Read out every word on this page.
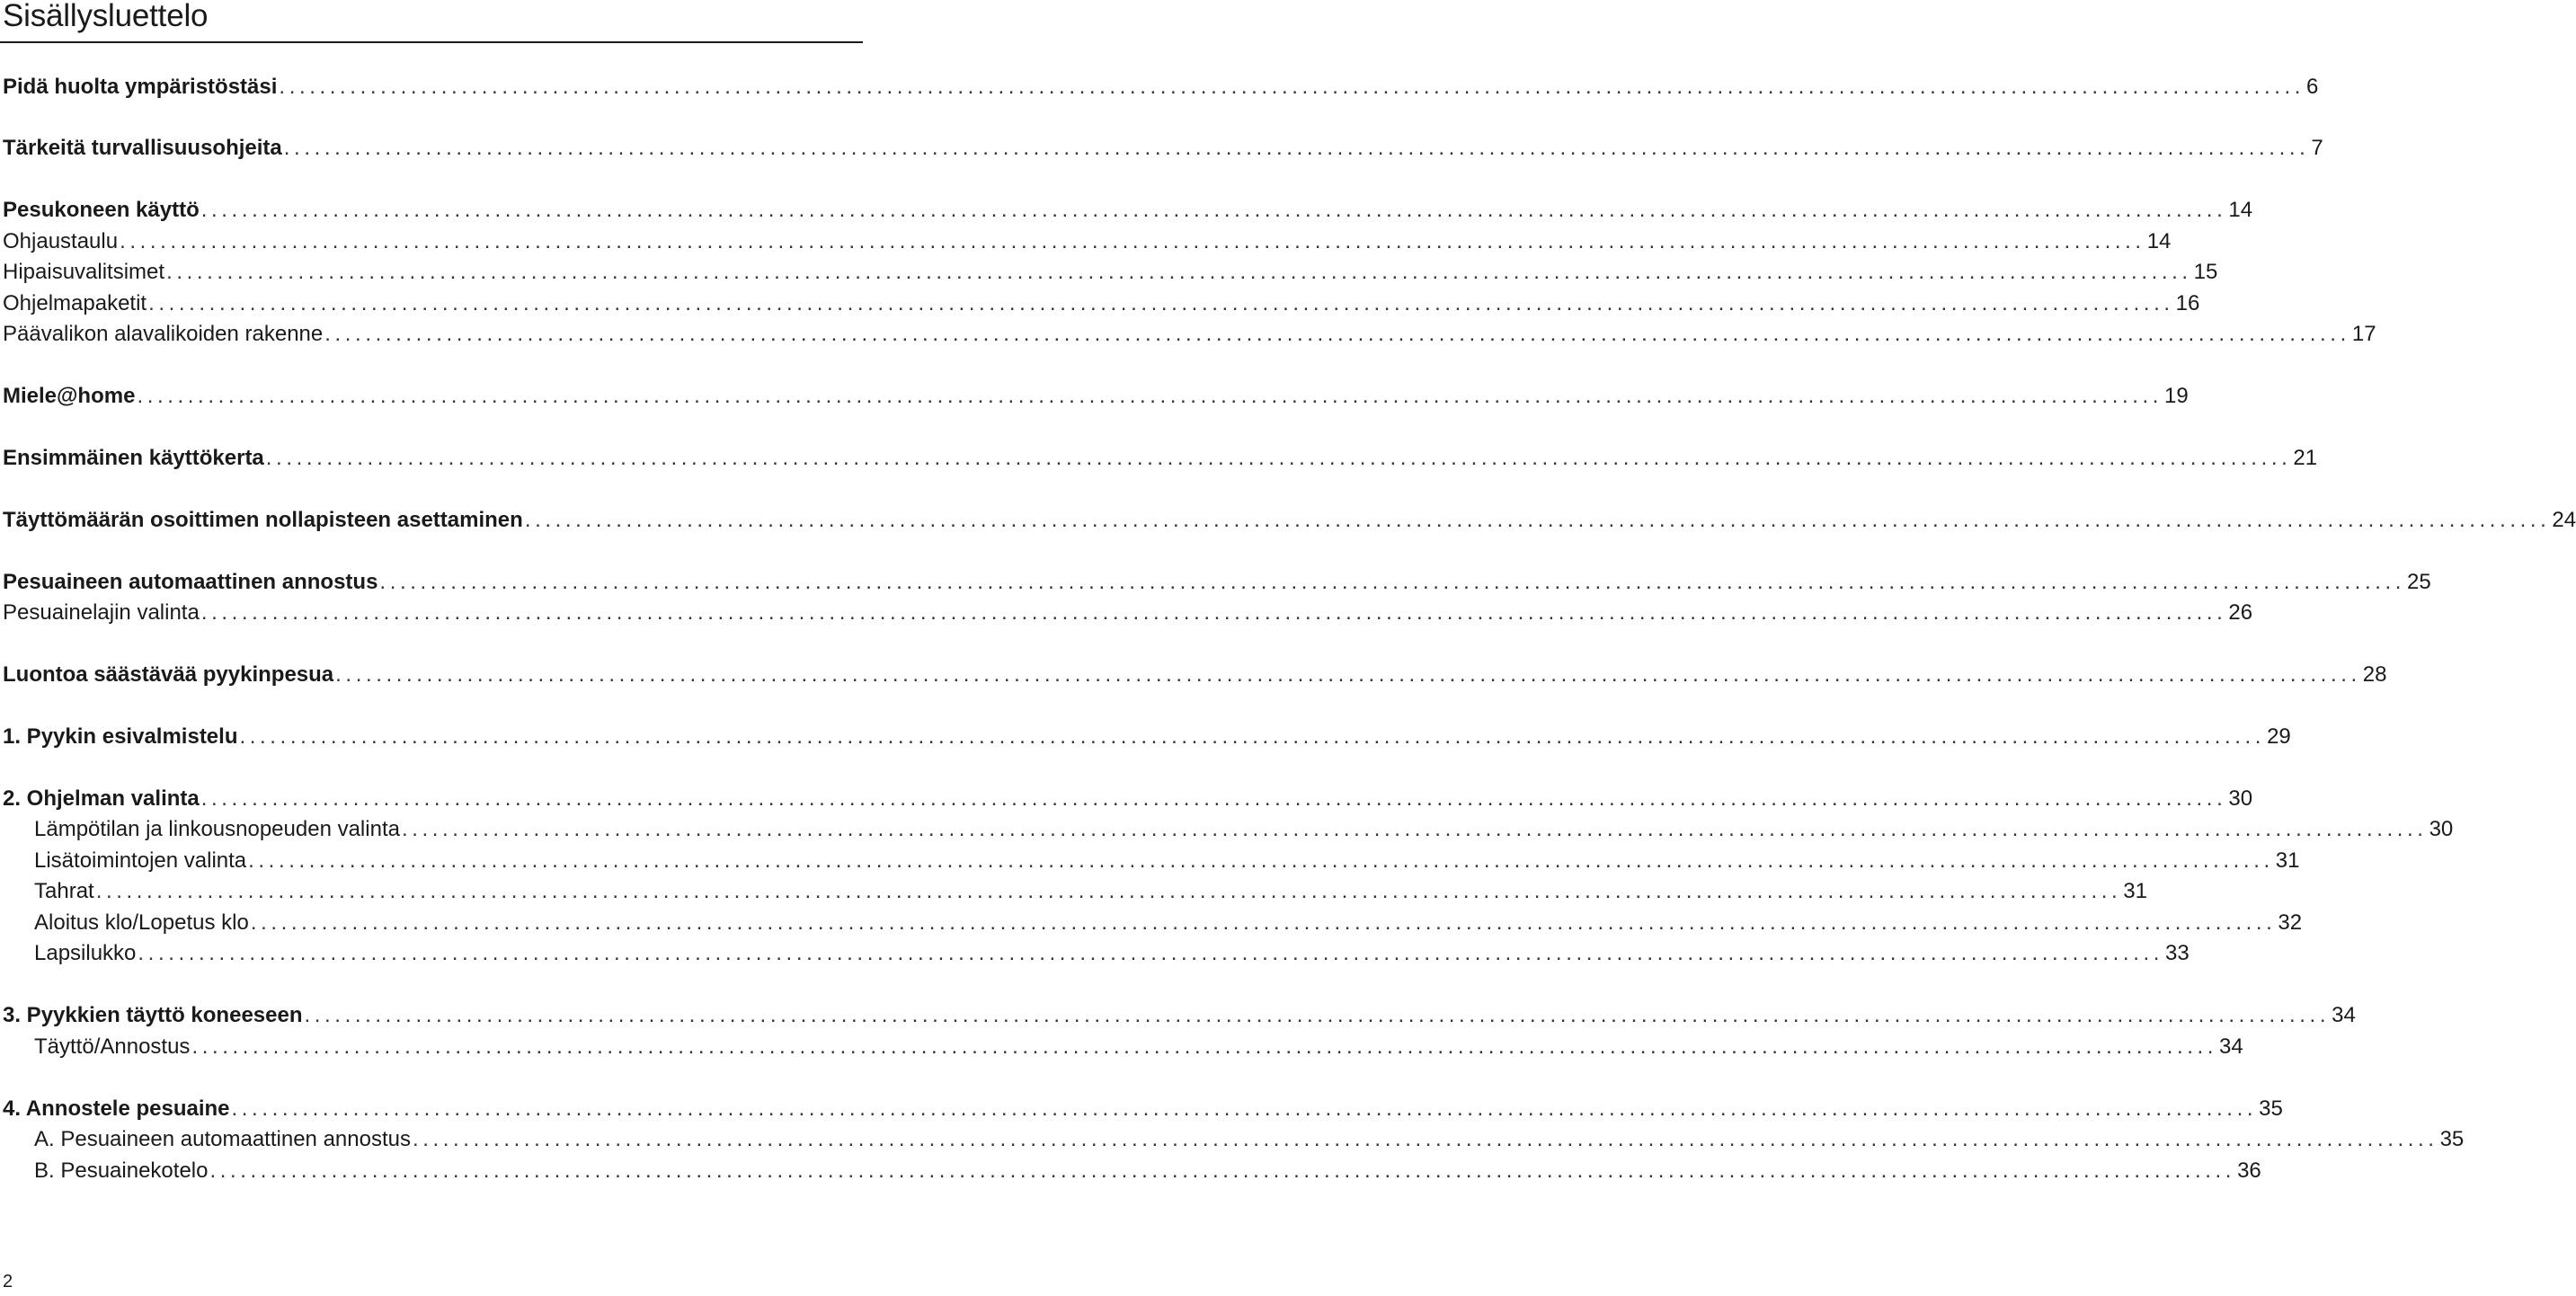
Sisällysluettelo
Pidä huolta ympäristöstäsi ........................................................................................................................................................................................................ 6
Tärkeitä turvallisuusohjeita ........................................................................................................................................................................................................ 7
Pesukoneen käyttö ........................................................................................................................................................................................................ 14
Ohjaustaulu ........................................................................................................................................................................................................ 14
Hipaisuvalitsimet ........................................................................................................................................................................................................ 15
Ohjelmapaketit ........................................................................................................................................................................................................ 16
Päävalikon alavalikoiden rakenne ........................................................................................................................................................................................................ 17
Miele@home ........................................................................................................................................................................................................ 19
Ensimmäinen käyttökerta ........................................................................................................................................................................................................ 21
Täyttömäärän osoittimen nollapisteen asettaminen ........................................................................................................................................................................................................ 24
Pesuaineen automaattinen annostus ........................................................................................................................................................................................................ 25
Pesuainelajin valinta ........................................................................................................................................................................................................ 26
Luontoa säästävää pyykinpesua ........................................................................................................................................................................................................ 28
1. Pyykin esivalmistelu ........................................................................................................................................................................................................ 29
2. Ohjelman valinta ........................................................................................................................................................................................................ 30
Lämpötilan ja linkousnopeuden valinta ........................................................................................................................................................................................................ 30
Lisätoimintojen valinta ........................................................................................................................................................................................................ 31
Tahrat ........................................................................................................................................................................................................ 31
Aloitus klo/Lopetus klo ........................................................................................................................................................................................................ 32
Lapsilukko ........................................................................................................................................................................................................ 33
3. Pyykkien täyttö koneeseen ........................................................................................................................................................................................................ 34
Täyttö/Annostus ........................................................................................................................................................................................................ 34
4. Annostele pesuaine ........................................................................................................................................................................................................ 35
A. Pesuaineen automaattinen annostus ........................................................................................................................................................................................................ 35
B. Pesuainekotelo ........................................................................................................................................................................................................ 36
2
